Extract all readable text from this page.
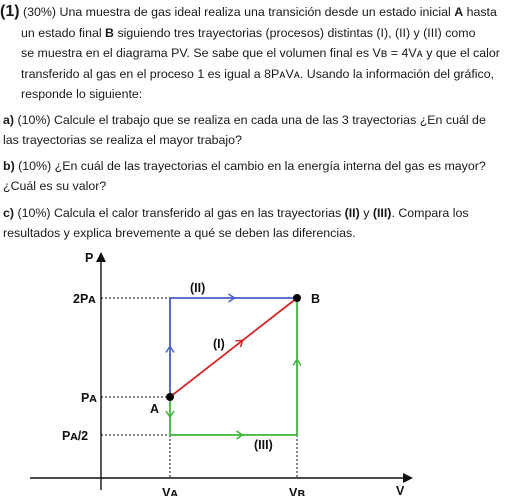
(1) (30%) Una muestra de gas ideal realiza una transición desde un estado inicial A hasta
un estado final B siguiendo tres trayectorias (procesos) distintas (I), (II) y (III) como
se muestra en el diagrama PV. Se sabe que el volumen final es Vʙ = 4Vᴀ y que el calor
transferido al gas en el proceso 1 es igual a 8PᴀVᴀ. Usando la información del gráfico,
responde lo siguiente:
a) (10%) Calcule el trabajo que se realiza en cada una de las 3 trayectorias ¿En cuál de
las trayectorias se realiza el mayor trabajo?
b) (10%) ¿En cuál de las trayectorias el cambio en la energía interna del gas es mayor?
¿Cuál es su valor?
c) (10%) Calcula el calor transferido al gas en las trayectorias (II) y (III). Compara los
resultados y explica brevemente a qué se deben las diferencias.
P
V
2Pᴀ
Pᴀ
Pᴀ/2
Vᴀ	Vʙ
A
B
(II)
(I)
(III)
